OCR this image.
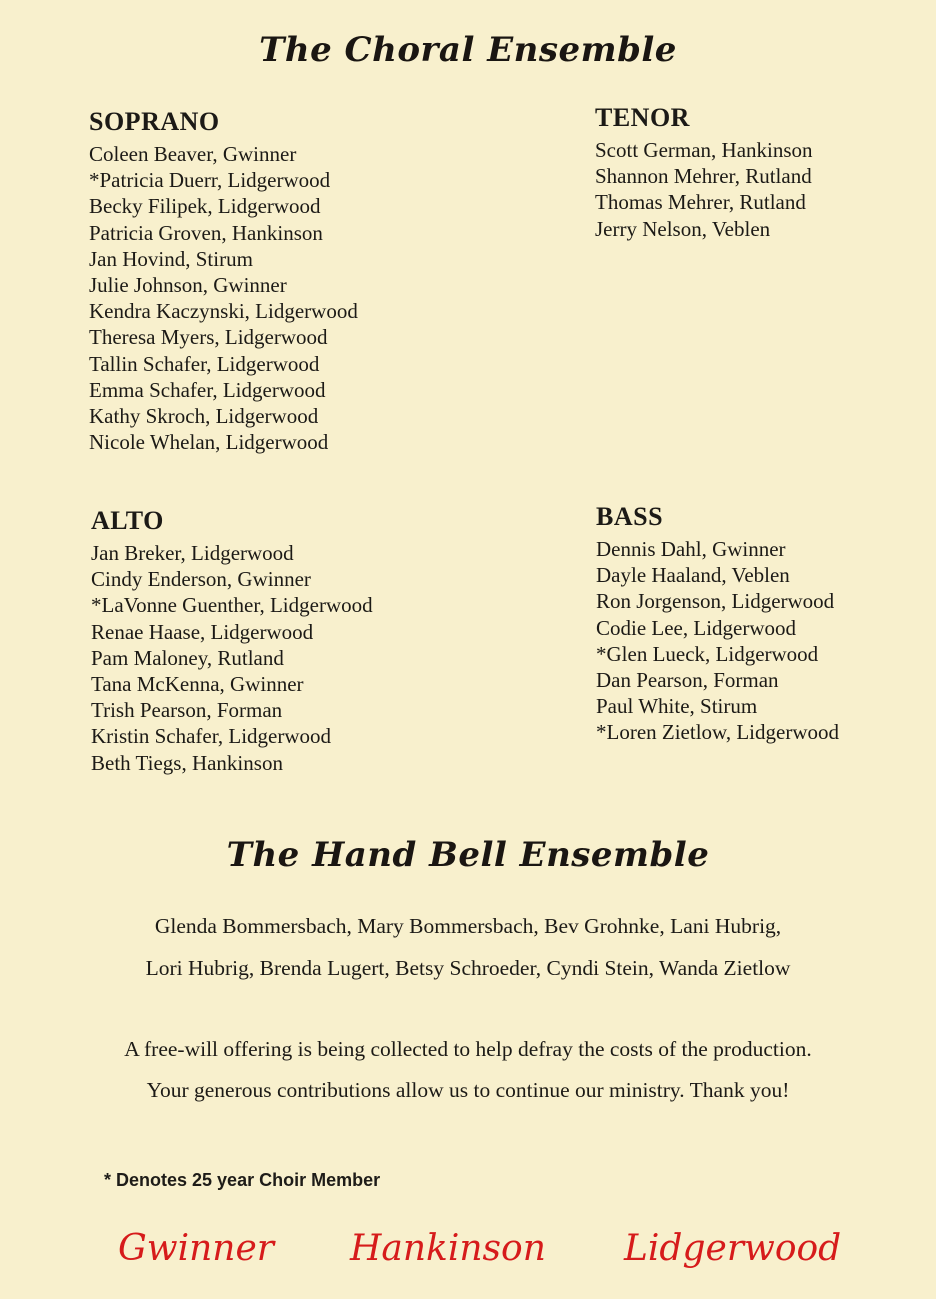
The Choral Ensemble
SOPRANO
Coleen Beaver, Gwinner
*Patricia Duerr, Lidgerwood
Becky Filipek, Lidgerwood
Patricia Groven, Hankinson
Jan Hovind, Stirum
Julie Johnson, Gwinner
Kendra Kaczynski, Lidgerwood
Theresa Myers, Lidgerwood
Tallin Schafer, Lidgerwood
Emma Schafer, Lidgerwood
Kathy Skroch, Lidgerwood
Nicole Whelan, Lidgerwood
TENOR
Scott German, Hankinson
Shannon Mehrer, Rutland
Thomas Mehrer, Rutland
Jerry Nelson, Veblen
ALTO
Jan Breker, Lidgerwood
Cindy Enderson, Gwinner
*LaVonne Guenther, Lidgerwood
Renae Haase, Lidgerwood
Pam Maloney, Rutland
Tana McKenna, Gwinner
Trish Pearson, Forman
Kristin Schafer, Lidgerwood
Beth Tiegs, Hankinson
BASS
Dennis Dahl, Gwinner
Dayle Haaland, Veblen
Ron Jorgenson, Lidgerwood
Codie Lee, Lidgerwood
*Glen Lueck, Lidgerwood
Dan Pearson, Forman
Paul White, Stirum
*Loren Zietlow, Lidgerwood
The Hand Bell Ensemble
Glenda Bommersbach, Mary Bommersbach, Bev Grohnke, Lani Hubrig,
Lori Hubrig, Brenda Lugert, Betsy Schroeder, Cyndi Stein, Wanda Zietlow
A free-will offering is being collected to help defray the costs of the production.
Your generous contributions allow us to continue our ministry. Thank you!
* Denotes 25 year Choir Member
Gwinner Hankinson Lidgerwood
